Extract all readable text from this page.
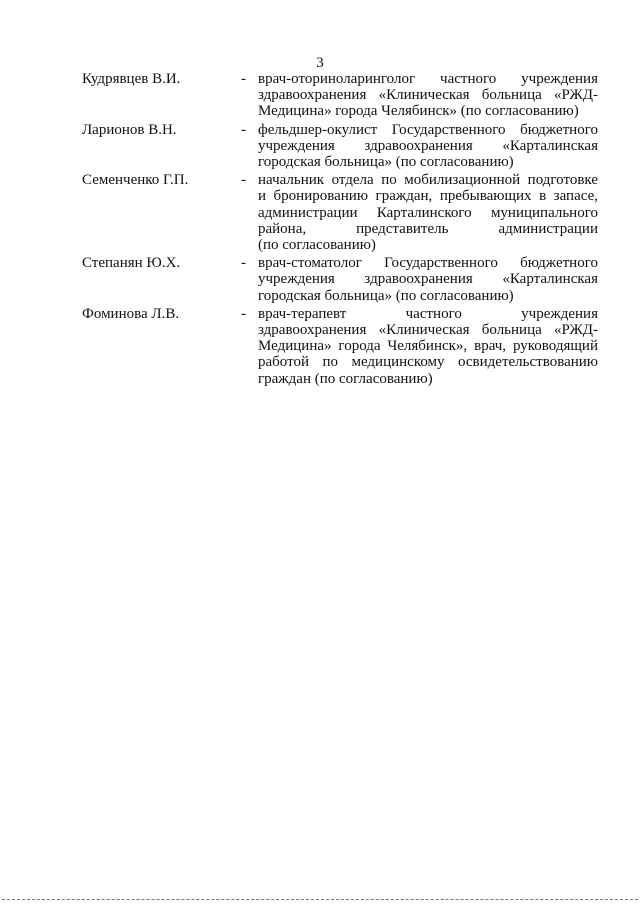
3
Кудрявцев В.И.	- врач-оториноларинголог частного учреждения
здравоохранения «Клиническая больница «РЖД-
Медицина» города Челябинск» (по согласованию)
Ларионов В.Н.	- фельдшер-окулист Государственного бюджетного
учреждения здравоохранения «Карталинская
городская больница» (по согласованию)
Семенченко Г.П.	- начальник отдела по мобилизационной подготовке
и бронированию граждан, пребывающих в запасе,
администрации Карталинского муниципального
района, представитель администрации
(по согласованию)
Степанян Ю.Х.	- врач-стоматолог Государственного бюджетного
учреждения здравоохранения «Карталинская
городская больница» (по согласованию)
Фоминова Л.В.	- врач-терапевт частного учреждения
здравоохранения «Клиническая больница «РЖД-
Медицина» города Челябинск», врач, руководящий
работой по медицинскому освидетельствованию
граждан (по согласованию)
